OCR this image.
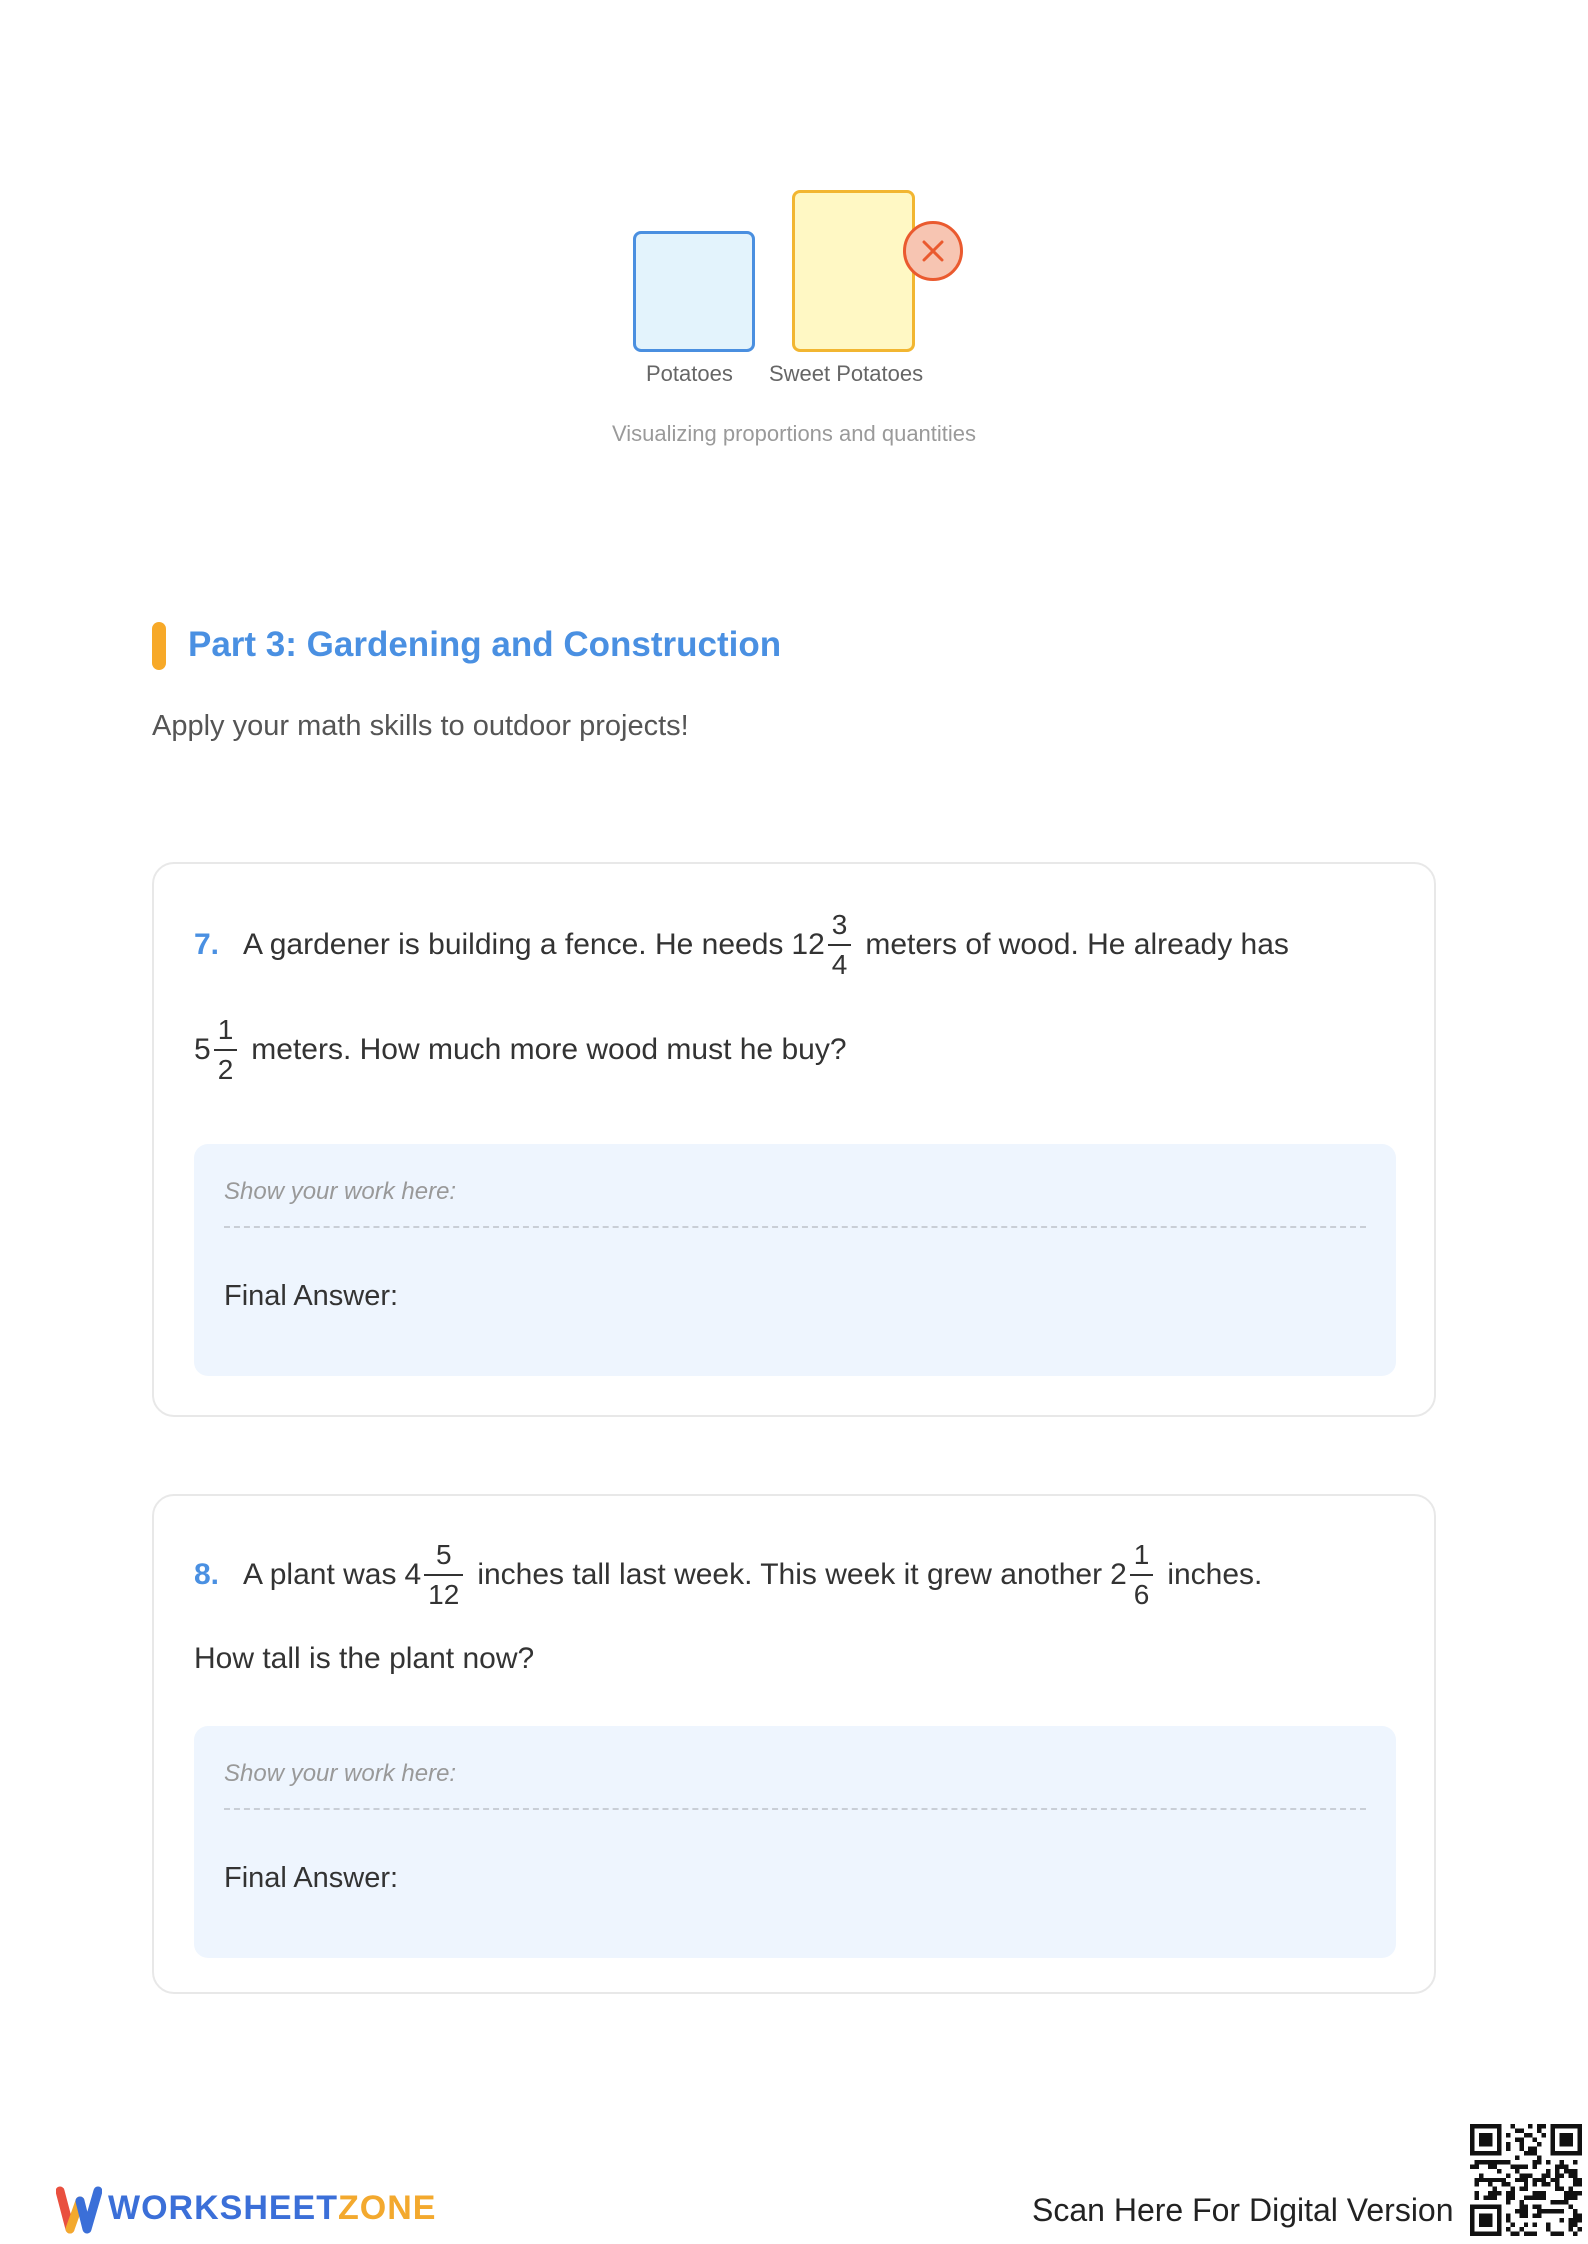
Potatoes Sweet Potatoes
Visualizing proportions and quantities
Part 3: Gardening and Construction
Apply your math skills to outdoor projects!
7. A gardener is building a fence. He needs $12 \frac{3}{4}$ meters of wood. He already has
$5 \frac{1}{2}$ meters. How much more wood must he buy?
Show your work here:
Final Answer:
8. A plant was $4 \frac{5}{12}$ inches tall last week. This week it grew another $2 \frac{1}{6}$ inches.
How tall is the plant now?
Show your work here:
Final Answer:
WORKSHEETZONE	Scan Here For Digital Version
